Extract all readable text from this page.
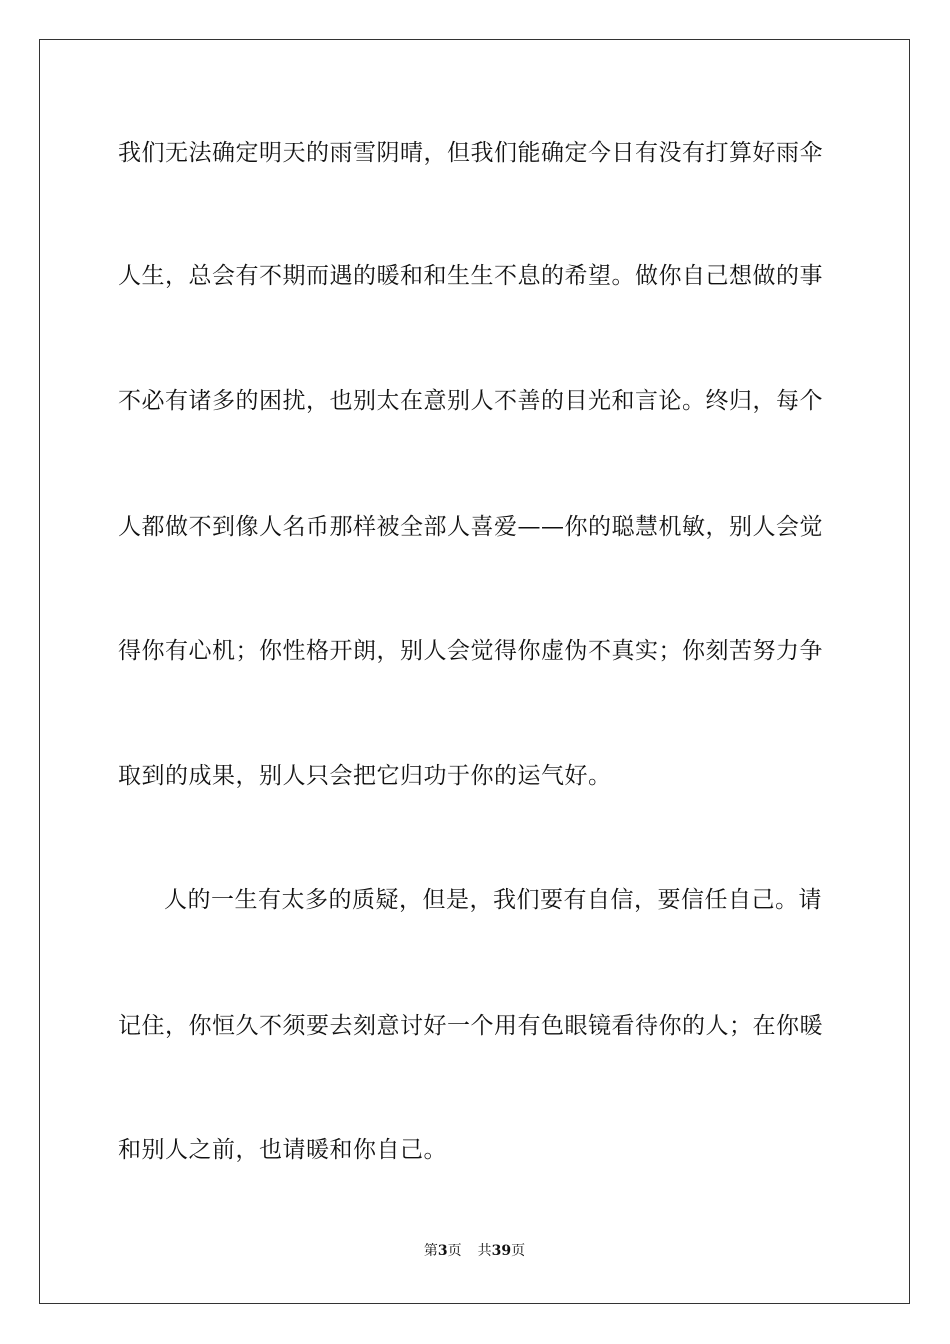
我们无法确定明天的雨雪阴晴，但我们能确定今日有没有打算好雨伞
人生，总会有不期而遇的暖和和生生不息的希望。做你自己想做的事
不必有诸多的困扰，也别太在意别人不善的目光和言论。终归，每个
人都做不到像人名币那样被全部人喜爱——你的聪慧机敏，别人会觉
得你有心机；你性格开朗，别人会觉得你虚伪不真实；你刻苦努力争
取到的成果，别人只会把它归功于你的运气好。
人的一生有太多的质疑，但是，我们要有自信，要信任自己。请
记住，你恒久不须要去刻意讨好一个用有色眼镜看待你的人；在你暖
和别人之前，也请暖和你自己。
第3页 共39页
